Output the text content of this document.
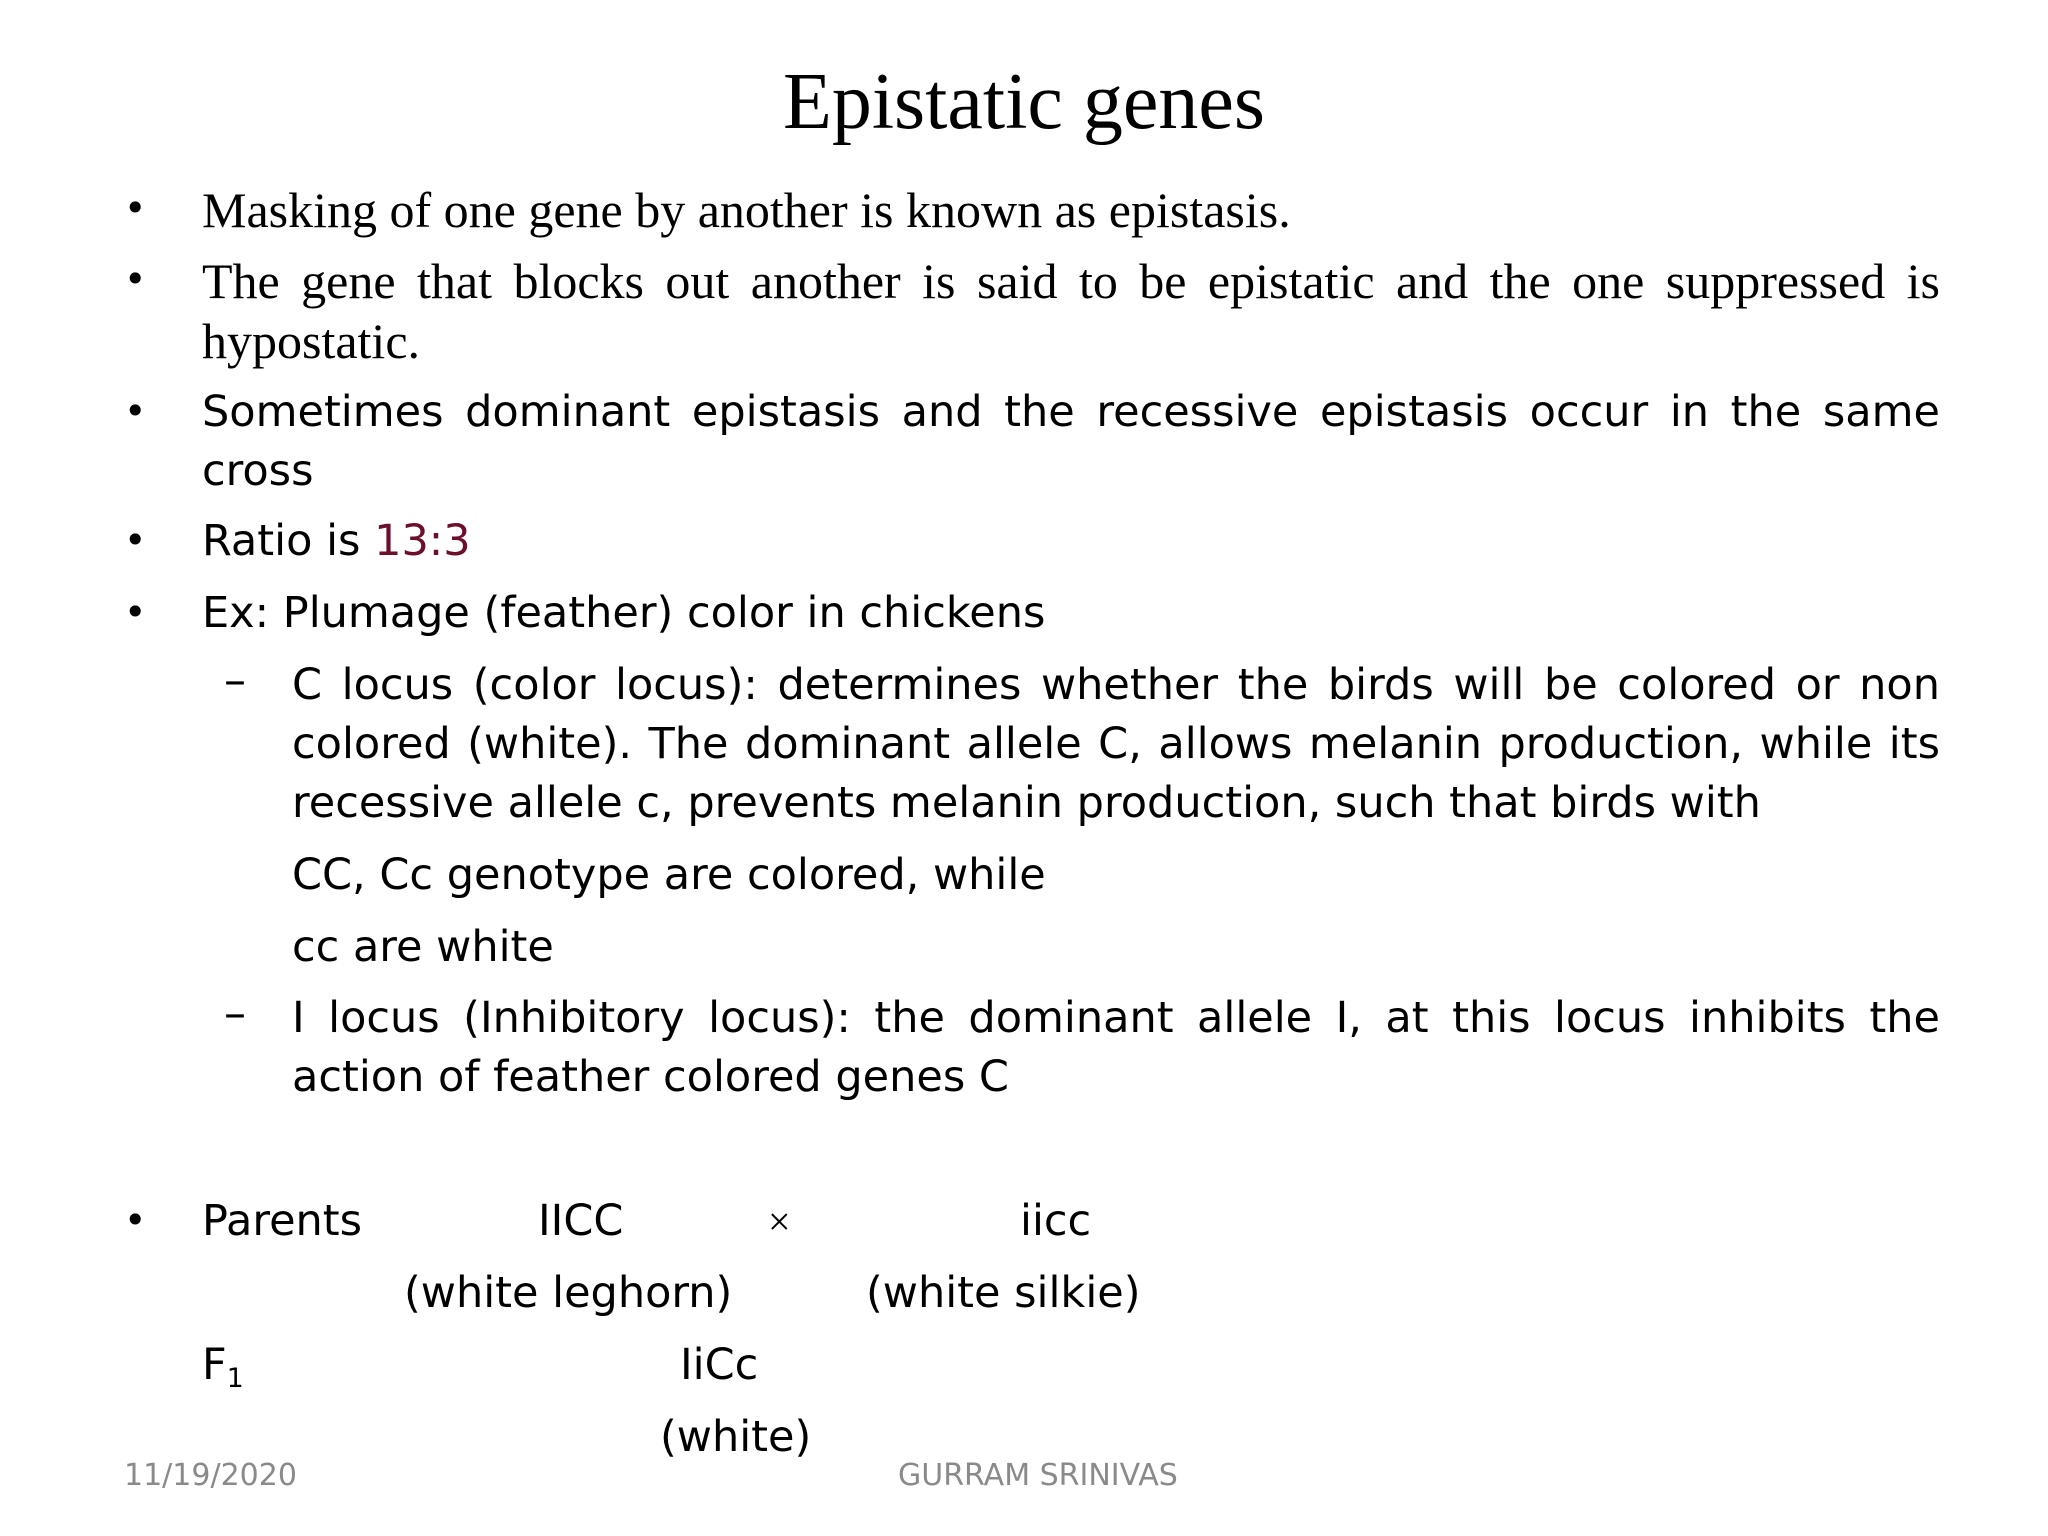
Epistatic genes
• Masking of one gene by another is known as epistasis.
• The gene that blocks out another is said to be epistatic and the one suppressed is hypostatic.
• Sometimes dominant epistasis and the recessive epistasis occur in the same cross
• Ratio is 13:3
• Ex: Plumage (feather) color in chickens
– C locus (color locus): determines whether the birds will be colored or non colored (white). The dominant allele C, allows melanin production, while its recessive allele c, prevents melanin production, such that birds with
CC, Cc genotype are colored, while
cc are white
– I locus (Inhibitory locus): the dominant allele I, at this locus inhibits the action of feather colored genes C
• Parents	IICC	×	iicc
(white leghorn)	(white silkie)
$F_1$	IiCc
(white)
11/19/2020	GURRAM SRINIVAS
